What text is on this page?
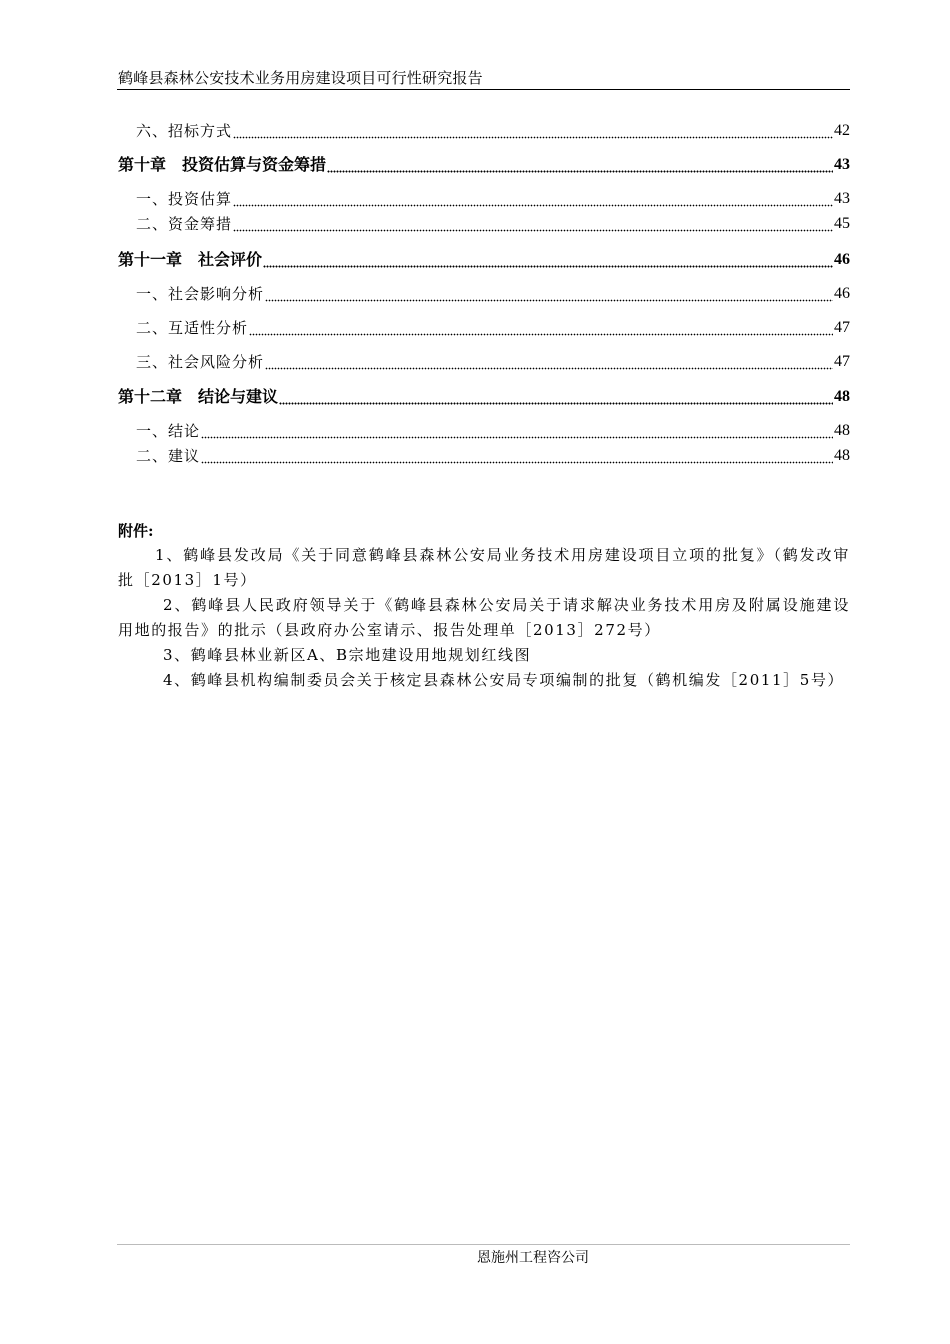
鹤峰县森林公安技术业务用房建设项目可行性研究报告
六、招标方式	42
第十章　投资估算与资金筹措	43
一、投资估算	43
二、资金筹措	45
第十一章　社会评价	46
一、社会影响分析	46
二、互适性分析	47
三、社会风险分析	47
第十二章　结论与建议	48
一、结论	48
二、建议	48
附件:

1、鹤峰县发改局《关于同意鹤峰县森林公安局业务技术用房建设项目立项的批复》（鹤发改审批［2013］1号）

2、鹤峰县人民政府领导关于《鹤峰县森林公安局关于请求解决业务技术用房及附属设施建设用地的报告》的批示（县政府办公室请示、报告处理单［2013］272号）

3、鹤峰县林业新区A、B宗地建设用地规划红线图

4、鹤峰县机构编制委员会关于核定县森林公安局专项编制的批复（鹤机编发［2011］5号）

恩施州工程咨公司
